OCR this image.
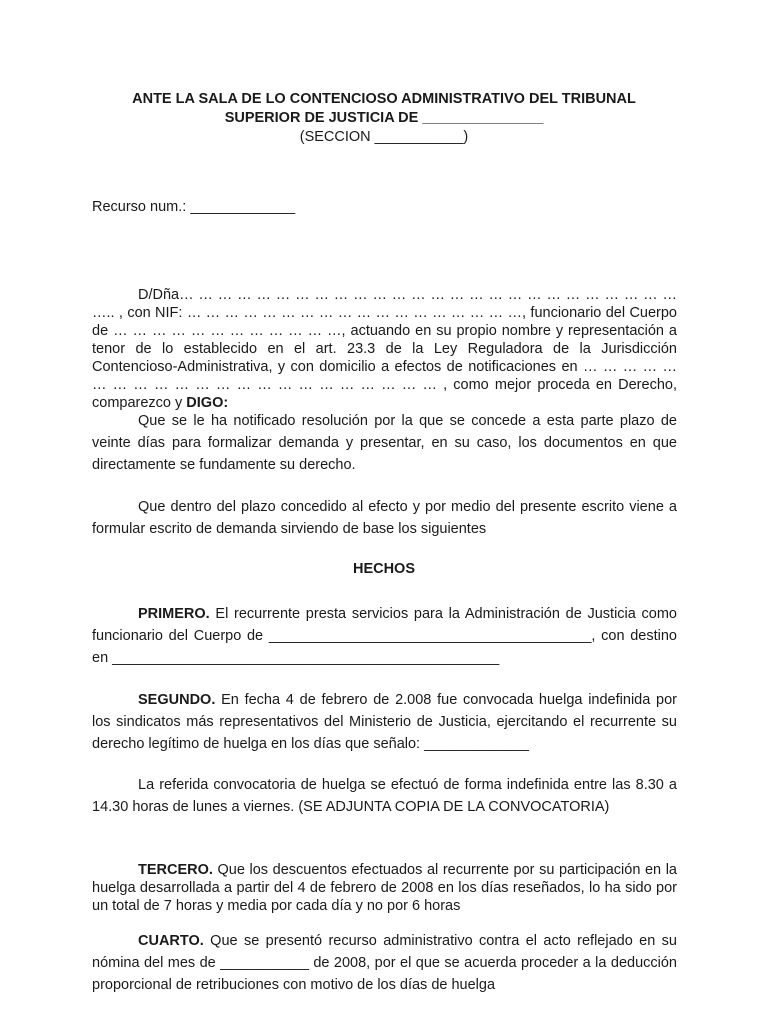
ANTE LA SALA DE LO CONTENCIOSO ADMINISTRATIVO DEL TRIBUNAL
SUPERIOR DE JUSTICIA DE _______________
(SECCION ___________)
Recurso num.: _____________

D/Dña… … … … … … … … … … … … … … … … … … … … … … … … … … ….. , con NIF: … … … … … … … … … … … … … … … … … …, funcionario del Cuerpo de … … … … … … … … … … … …, actuando en su propio nombre y representación a tenor de lo establecido en el art. 23.3 de la Ley Reguladora de la Jurisdicción Contencioso-Administrativa, y con domicilio a efectos de notificaciones en … … … … … … … … … … … … … … … … … … … … … … , como mejor proceda en Derecho, comparezco y DIGO:

Que se le ha notificado resolución por la que se concede a esta parte plazo de veinte días para formalizar demanda y presentar, en su caso, los documentos en que directamente se fundamente su derecho.

Que dentro del plazo concedido al efecto y por medio del presente escrito viene a formular escrito de demanda sirviendo de base los siguientes

HECHOS

PRIMERO. El recurrente presta servicios para la Administración de Justicia como funcionario del Cuerpo de ________________________________________, con destino en ________________________________________________

SEGUNDO. En fecha 4 de febrero de 2.008 fue convocada huelga indefinida por los sindicatos más representativos del Ministerio de Justicia, ejercitando el recurrente su derecho legítimo de huelga en los días que señalo: _____________

La referida convocatoria de huelga se efectuó de forma indefinida entre las 8.30 a 14.30 horas de lunes a viernes. (SE ADJUNTA COPIA DE LA CONVOCATORIA)

TERCERO. Que los descuentos efectuados al recurrente por su participación en la huelga desarrollada a partir del 4 de febrero de 2008 en los días reseñados, lo ha sido por un total de 7 horas y media por cada día y no por 6 horas

CUARTO. Que se presentó recurso administrativo contra el acto reflejado en su nómina del mes de ___________ de 2008, por el que se acuerda proceder a la deducción proporcional de retribuciones con motivo de los días de huelga
